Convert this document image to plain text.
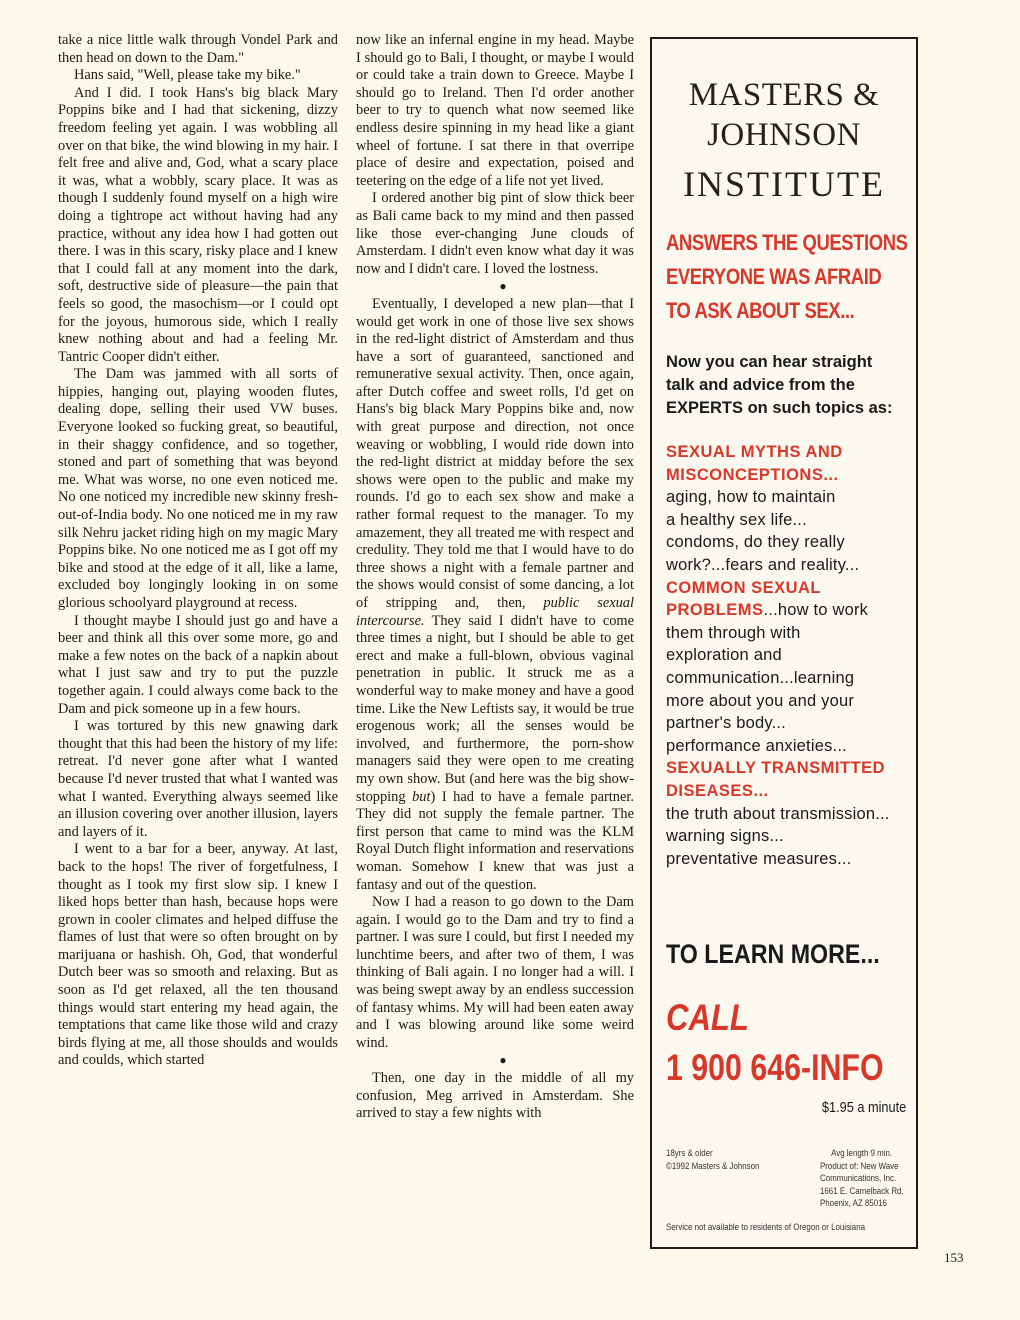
take a nice little walk through Vondel Park and then head on down to the Dam."

Hans said, "Well, please take my bike."

And I did. I took Hans's big black Mary Poppins bike and I had that sickening, dizzy freedom feeling yet again. I was wobbling all over on that bike, the wind blowing in my hair. I felt free and alive and, God, what a scary place it was, what a wobbly, scary place. It was as though I suddenly found myself on a high wire doing a tightrope act without having had any practice, without any idea how I had gotten out there. I was in this scary, risky place and I knew that I could fall at any moment into the dark, soft, destructive side of pleasure—the pain that feels so good, the masochism—or I could opt for the joyous, humorous side, which I really knew nothing about and had a feeling Mr. Tantric Cooper didn't either.

The Dam was jammed with all sorts of hippies, hanging out, playing wooden flutes, dealing dope, selling their used VW buses. Everyone looked so fucking great, so beautiful, in their shaggy confidence, and so together, stoned and part of something that was beyond me. What was worse, no one even noticed me. No one noticed my incredible new skinny fresh-out-of-India body. No one noticed me in my raw silk Nehru jacket riding high on my magic Mary Poppins bike. No one noticed me as I got off my bike and stood at the edge of it all, like a lame, excluded boy longingly looking in on some glorious schoolyard playground at recess.

I thought maybe I should just go and have a beer and think all this over some more, go and make a few notes on the back of a napkin about what I just saw and try to put the puzzle together again. I could always come back to the Dam and pick someone up in a few hours.

I was tortured by this new gnawing dark thought that this had been the history of my life: retreat. I'd never gone after what I wanted because I'd never trusted that what I wanted was what I wanted. Everything always seemed like an illusion covering over another illusion, layers and layers of it.

I went to a bar for a beer, anyway. At last, back to the hops! The river of forgetfulness, I thought as I took my first slow sip. I knew I liked hops better than hash, because hops were grown in cooler climates and helped diffuse the flames of lust that were so often brought on by marijuana or hashish. Oh, God, that wonderful Dutch beer was so smooth and relaxing. But as soon as I'd get relaxed, all the ten thousand things would start entering my head again, the temptations that came like those wild and crazy birds flying at me, all those shoulds and woulds and coulds, which started

now like an infernal engine in my head. Maybe I should go to Bali, I thought, or maybe I would or could take a train down to Greece. Maybe I should go to Ireland. Then I'd order another beer to try to quench what now seemed like endless desire spinning in my head like a giant wheel of fortune. I sat there in that overripe place of desire and expectation, poised and teetering on the edge of a life not yet lived.

I ordered another big pint of slow thick beer as Bali came back to my mind and then passed like those ever-changing June clouds of Amsterdam. I didn't even know what day it was now and I didn't care. I loved the lostness.

●

Eventually, I developed a new plan—that I would get work in one of those live sex shows in the red-light district of Amsterdam and thus have a sort of guaranteed, sanctioned and remunerative sexual activity. Then, once again, after Dutch coffee and sweet rolls, I'd get on Hans's big black Mary Poppins bike and, now with great purpose and direction, not once weaving or wobbling, I would ride down into the red-light district at midday before the sex shows were open to the public and make my rounds. I'd go to each sex show and make a rather formal request to the manager. To my amazement, they all treated me with respect and credulity. They told me that I would have to do three shows a night with a female partner and the shows would consist of some dancing, a lot of stripping and, then, public sexual intercourse. They said I didn't have to come three times a night, but I should be able to get erect and make a full-blown, obvious vaginal penetration in public. It struck me as a wonderful way to make money and have a good time. Like the New Leftists say, it would be true erogenous work; all the senses would be involved, and furthermore, the porn-show managers said they were open to me creating my own show. But (and here was the big show-stopping but) I had to have a female partner. They did not supply the female partner. The first person that came to mind was the KLM Royal Dutch flight information and reservations woman. Somehow I knew that was just a fantasy and out of the question.

Now I had a reason to go down to the Dam again. I would go to the Dam and try to find a partner. I was sure I could, but first I needed my lunchtime beers, and after two of them, I was thinking of Bali again. I no longer had a will. I was being swept away by an endless succession of fantasy whims. My will had been eaten away and I was blowing around like some weird wind.

●

Then, one day in the middle of all my confusion, Meg arrived in Amsterdam. She arrived to stay a few nights with

MASTERS &
JOHNSON
INSTITUTE
ANSWERS THE QUESTIONS
EVERYONE WAS AFRAID
TO ASK ABOUT SEX...
Now you can hear straight
talk and advice from the
EXPERTS on such topics as:
SEXUAL MYTHS AND
MISCONCEPTIONS...
aging, how to maintain
a healthy sex life...
condoms, do they really
work?...fears and reality...
COMMON SEXUAL
PROBLEMS...how to work
them through with
exploration and
communication...learning
more about you and your
partner's body...
performance anxieties...
SEXUALLY TRANSMITTED
DISEASES...
the truth about transmission...
warning signs...
preventative measures...
TO LEARN MORE...
CALL
1 900 646-INFO
$1.95 a minute
18yrs & older
©1992 Masters & Johnson
Avg length 9 min.
Product of: New Wave
Communications, Inc.
1661 E. Camelback Rd.
Phoenix, AZ 85016
Service not available to residents of Oregon or Louisiana
153
